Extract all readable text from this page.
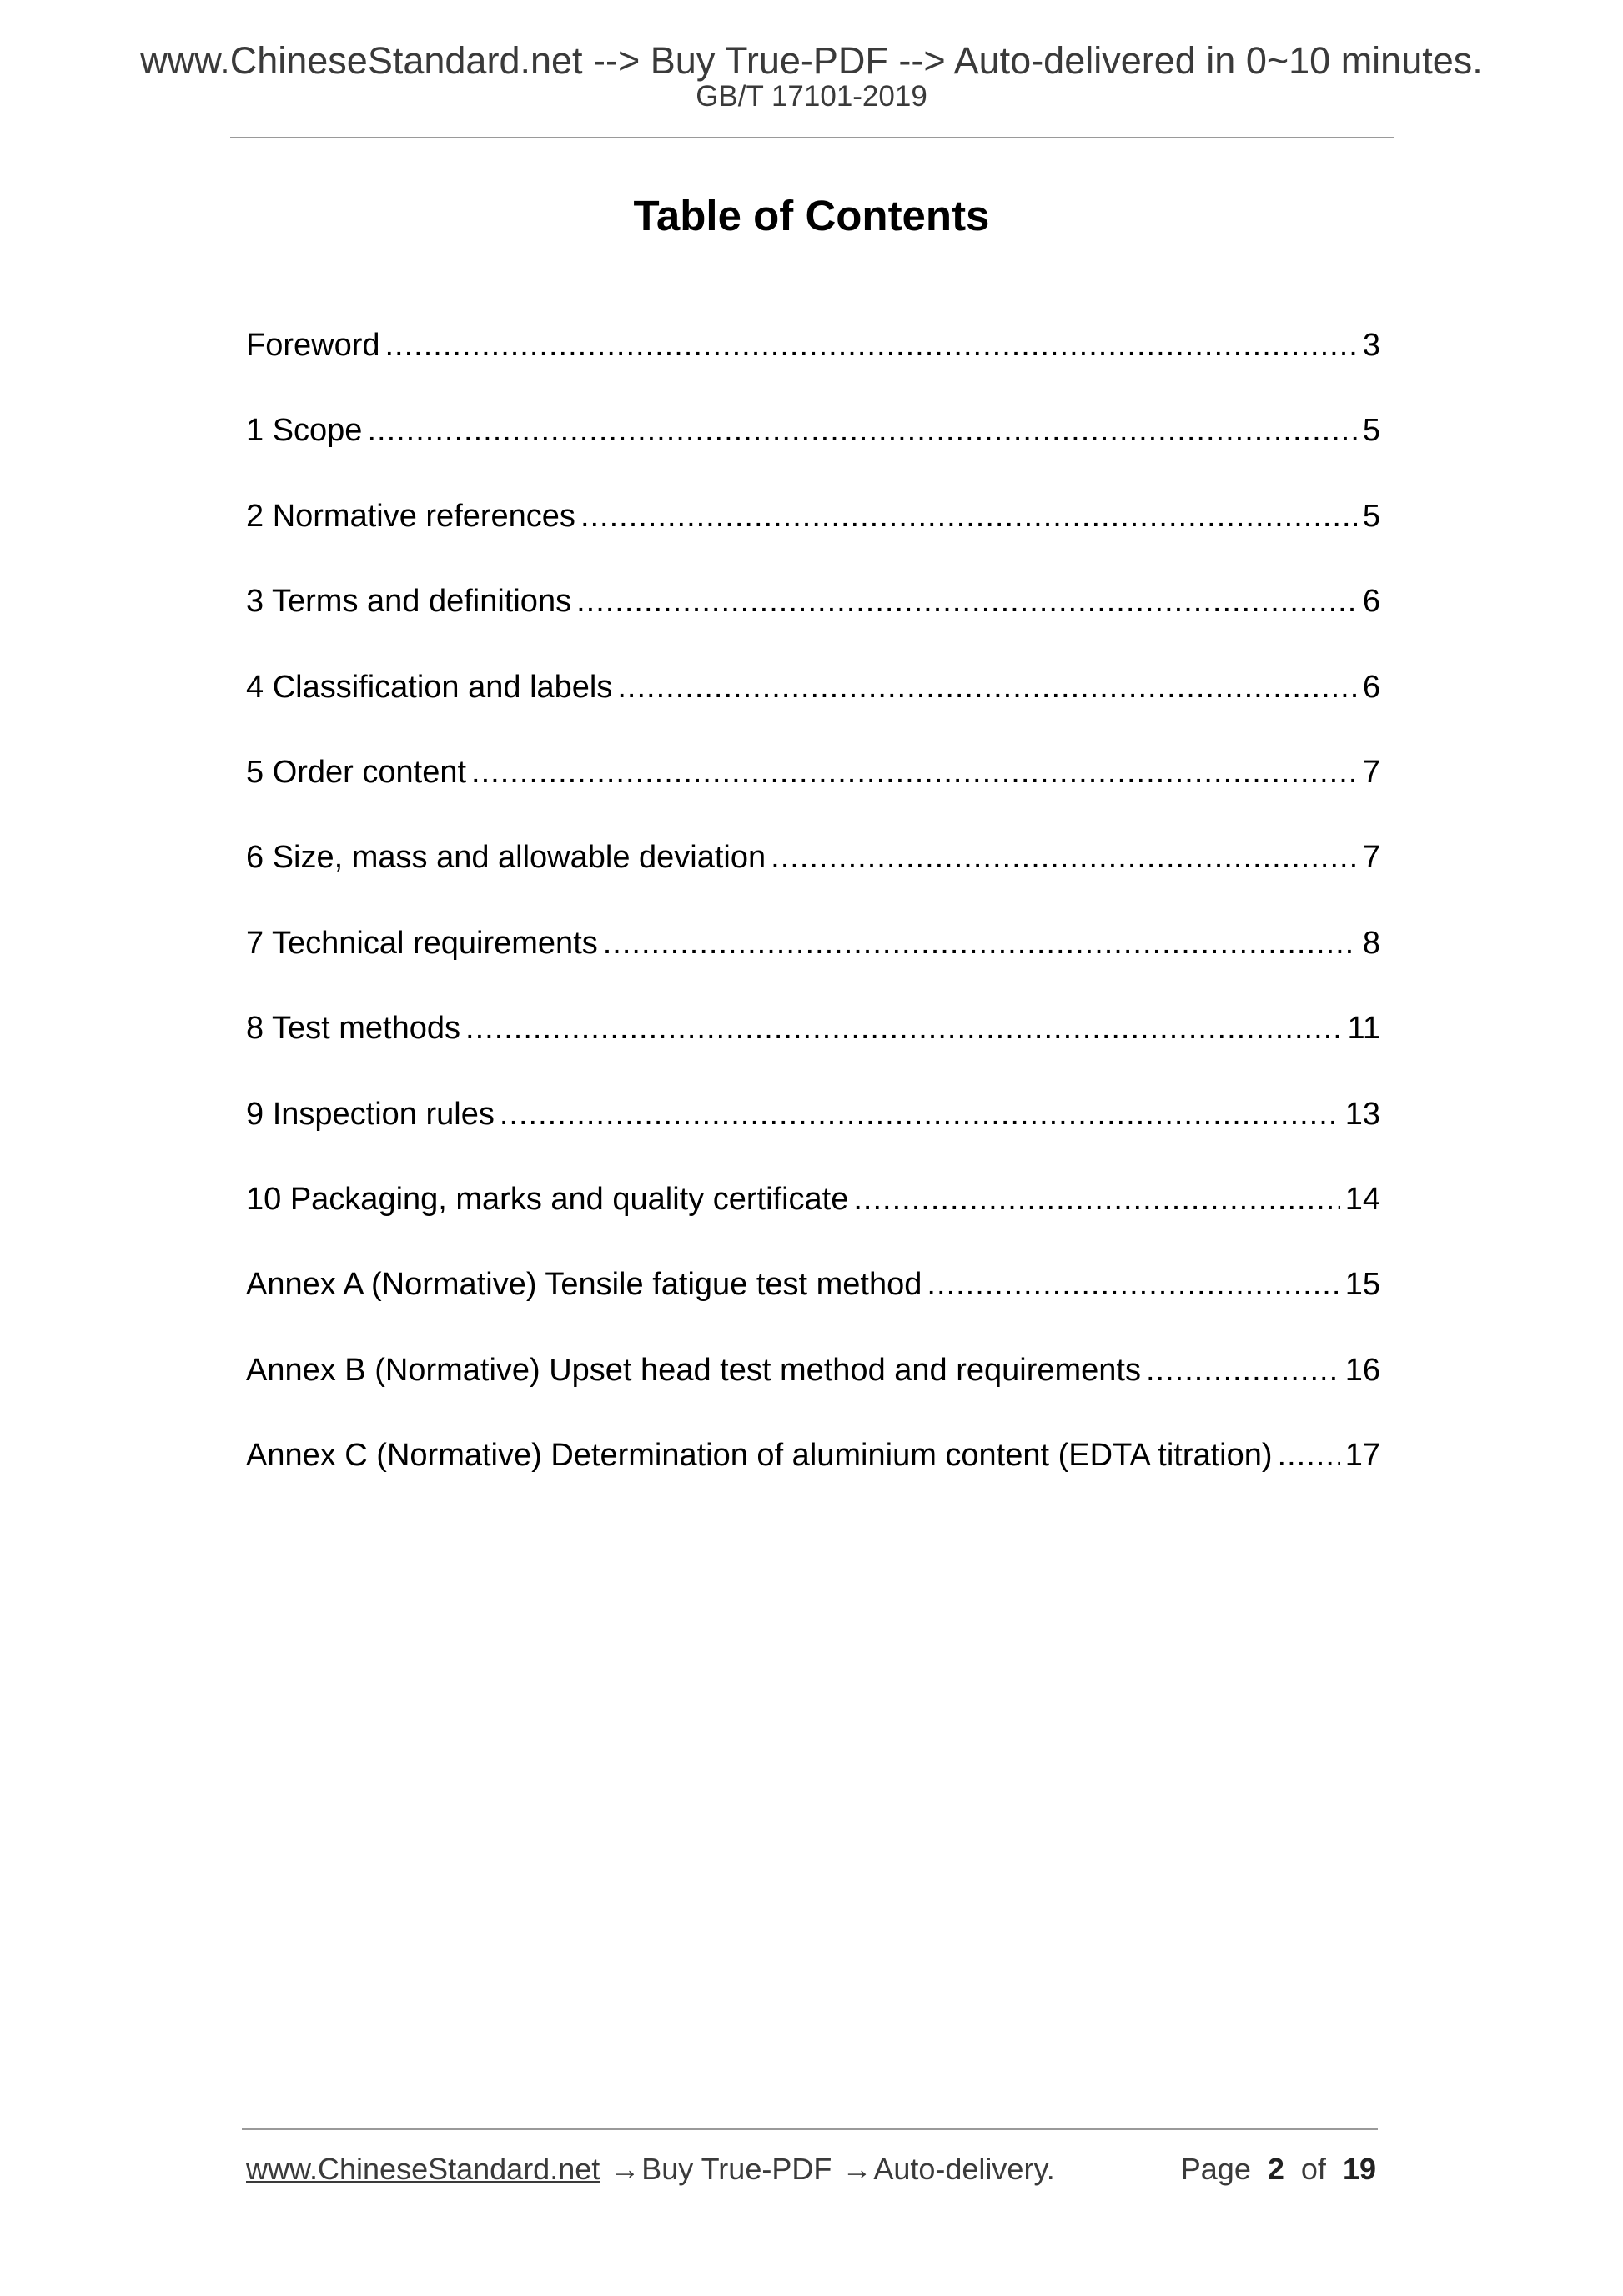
www.ChineseStandard.net --> Buy True-PDF --> Auto-delivered in 0~10 minutes.
GB/T 17101-2019
Table of Contents
Foreword .....	3
1 Scope .....	5
2 Normative references .....	5
3 Terms and definitions .....	6
4 Classification and labels .....	6
5 Order content .....	7
6 Size, mass and allowable deviation .....	7
7 Technical requirements .....	8
8 Test methods .....	11
9 Inspection rules .....	13
10 Packaging, marks and quality certificate .....	14
Annex A (Normative) Tensile fatigue test method .....	15
Annex B (Normative) Upset head test method and requirements .....	16
Annex C (Normative) Determination of aluminium content (EDTA titration) ..... 17
www.ChineseStandard.net →Buy True-PDF →Auto-delivery.	Page 2 of 19
